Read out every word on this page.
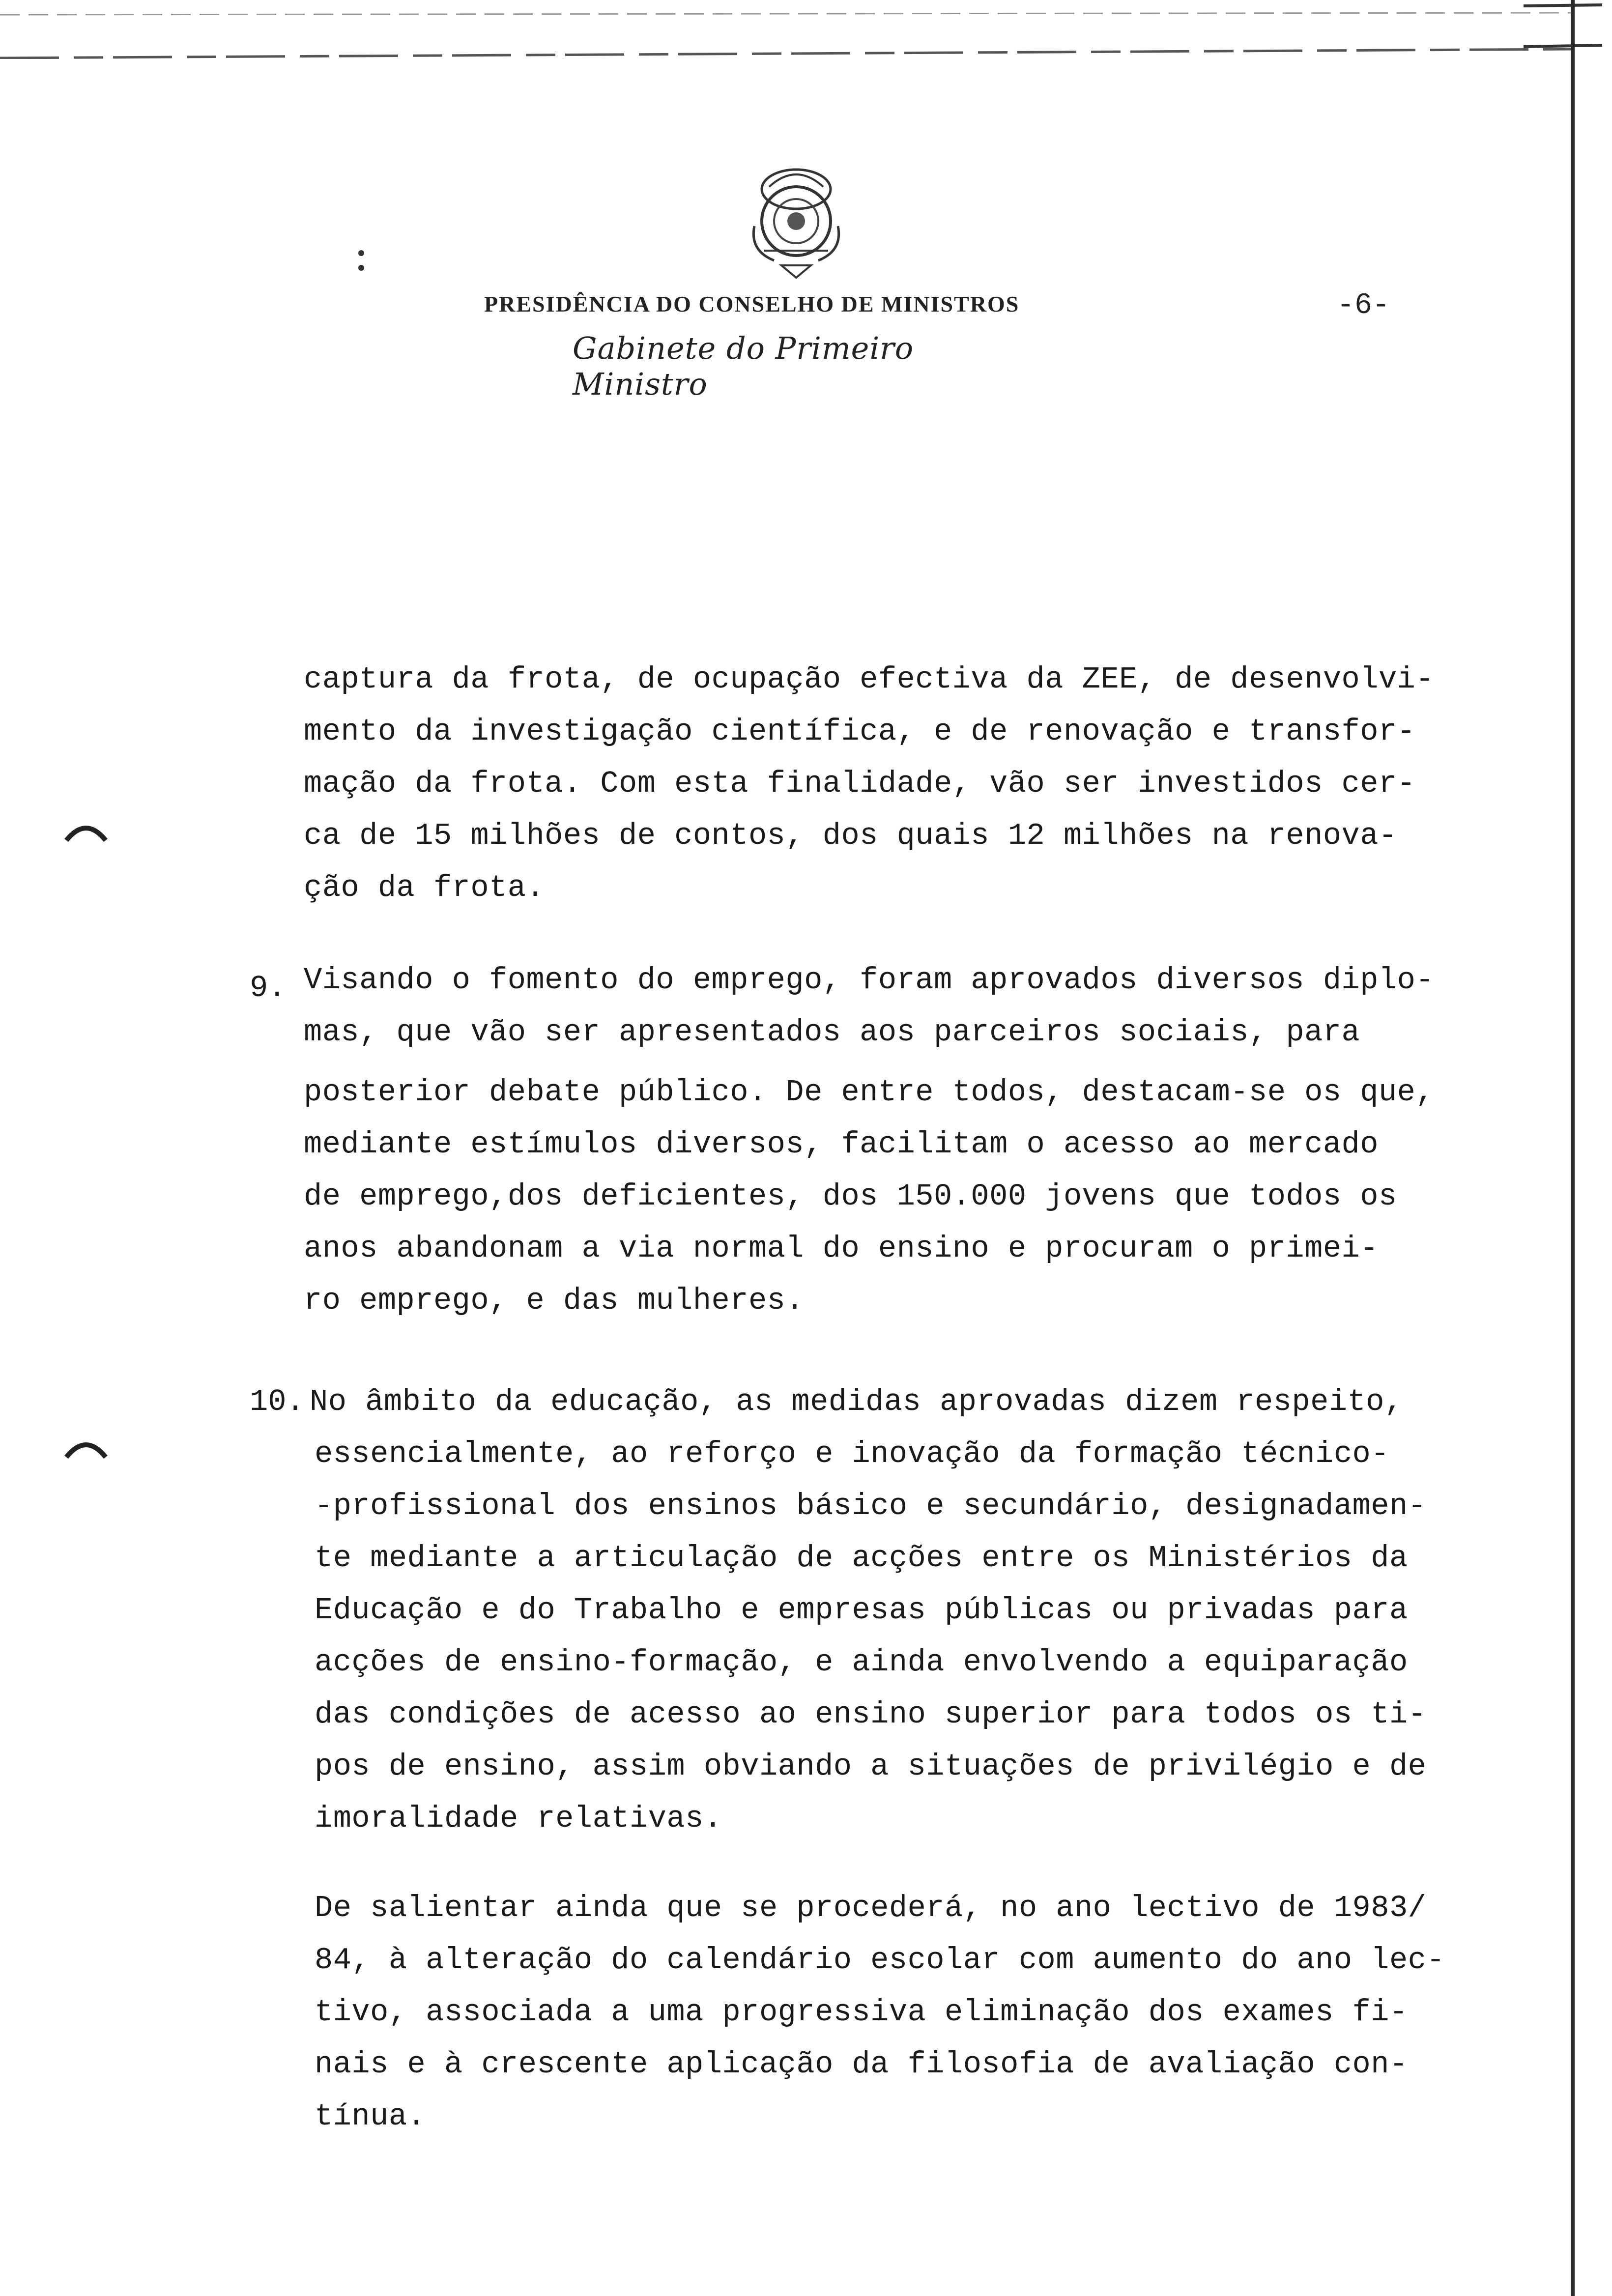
PRESIDÊNCIA DO CONSELHO DE MINISTROS	-6-
Gabinete do Primeiro Ministro
captura da frota, de ocupação efectiva da ZEE, de desenvolvi-
mento da investigação científica, e de renovação e transfor-
mação da frota. Com esta finalidade, vão ser investidos cer-
ca de 15 milhões de contos, dos quais 12 milhões na renova-
ção da frota.
9. Visando o fomento do emprego, foram aprovados diversos diplo-
mas, que vão ser apresentados aos parceiros sociais, para
posterior debate público. De entre todos, destacam-se os que,
mediante estímulos diversos, facilitam o acesso ao mercado
de emprego,dos deficientes, dos 150.000 jovens que todos os
anos abandonam a via normal do ensino e procuram o primei-
ro emprego, e das mulheres.
10. No âmbito da educação, as medidas aprovadas dizem respeito,
essencialmente, ao reforço e inovação da formação técnico-
-profissional dos ensinos básico e secundário, designadamen-
te mediante a articulação de acções entre os Ministérios da
Educação e do Trabalho e empresas públicas ou privadas para
acções de ensino-formação, e ainda envolvendo a equiparação
das condições de acesso ao ensino superior para todos os ti-
pos de ensino, assim obviando a situações de privilégio e de
imoralidade relativas.
De salientar ainda que se procederá, no ano lectivo de 1983/
84, à alteração do calendário escolar com aumento do ano lec-
tivo, associada a uma progressiva eliminação dos exames fi-
nais e à crescente aplicação da filosofia de avaliação con-
tínua.
